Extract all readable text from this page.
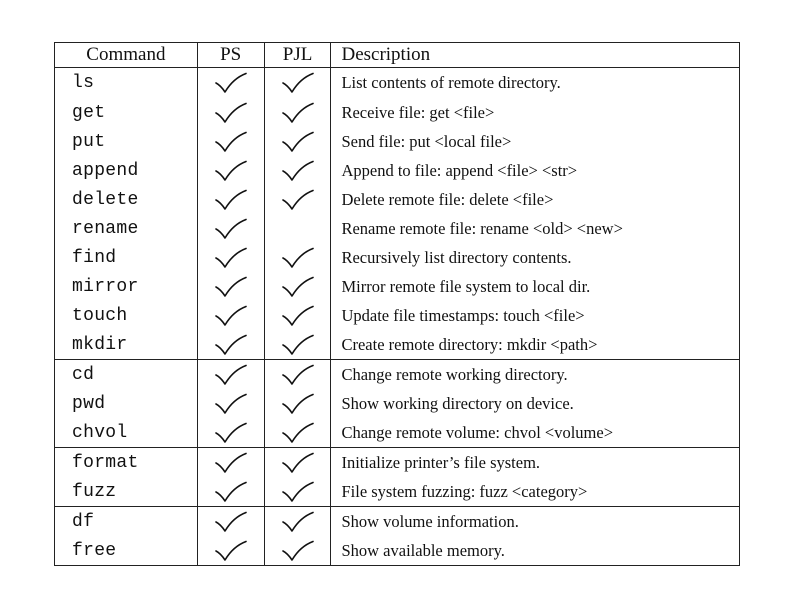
Command	PS	PJL	Description
ls			List contents of remote directory.
get			Receive file: get <file>
put			Send file: put <local file>
append			Append to file: append <file> <str>
delete			Delete remote file: delete <file>
rename			Rename remote file: rename <old> <new>
find			Recursively list directory contents.
mirror			Mirror remote file system to local dir.
touch			Update file timestamps: touch <file>
mkdir			Create remote directory: mkdir <path>
cd			Change remote working directory.
pwd			Show working directory on device.
chvol			Change remote volume: chvol <volume>
format			Initialize printer’s file system.
fuzz			File system fuzzing: fuzz <category>
df			Show volume information.
free			Show available memory.
